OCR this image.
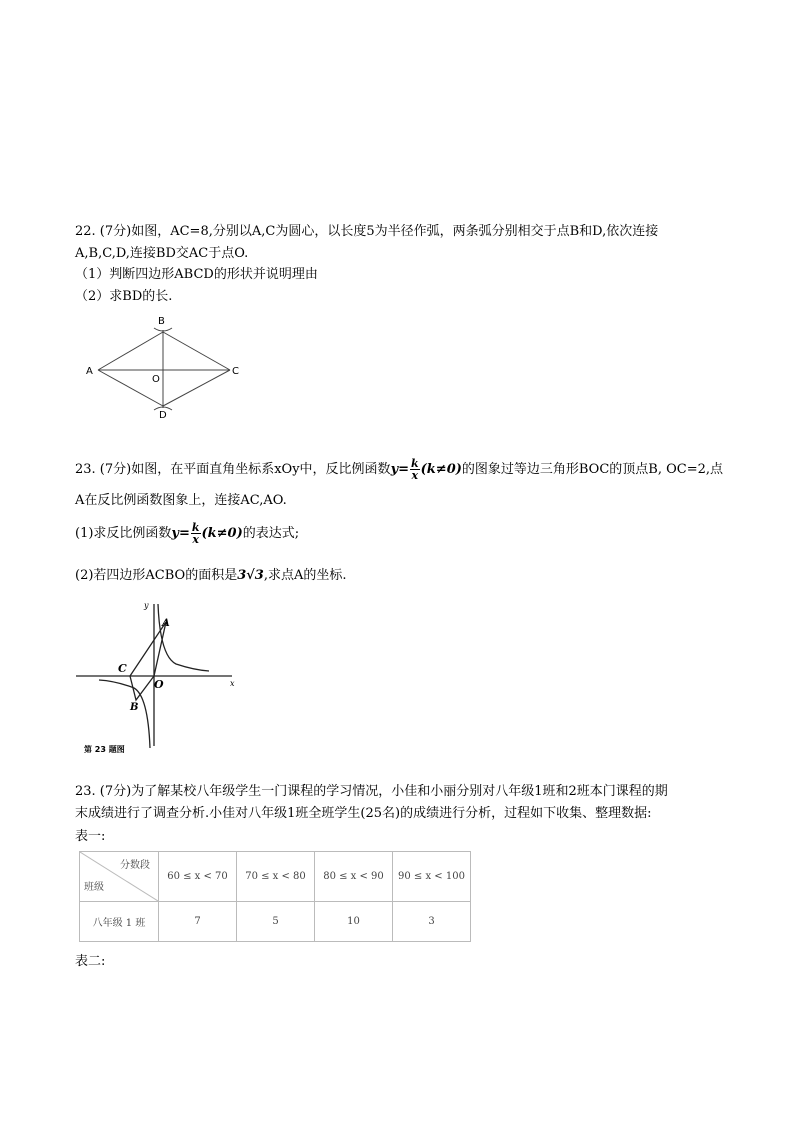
22. (7分)如图，AC=8,分别以A,C为圆心，以长度5为半径作弧，两条弧分别相交于点B和D,依次连接
A,B,C,D,连接BD交AC于点O.
（1）判断四边形ABCD的形状并说明理由
（2）求BD的长.
B
A	C
O
D
23. (7分)如图，在平面直角坐标系xOy中，反比例函数$y= \frac{k}{x} (k\ne 0)$的图象过等边三角形BOC的顶点B, OC=2,点
A在反比例函数图象上，连接AC,AO.
(1)求反比例函数$y= \frac{k}{x} (k\ne 0)$的表达式;
(2)若四边形ACBO的面积是3√3,求点A的坐标.
y
x
A
C
O
B
第 23 题图
23. (7分)为了解某校八年级学生一门课程的学习情况，小佳和小丽分别对八年级1班和2班本门课程的期
末成绩进行了调查分析.小佳对八年级1班全班学生(25名)的成绩进行分析，过程如下收集、整理数据:
表一:
分数段
班级	60 ≤ x < 70	70 ≤ x < 80	80 ≤ x < 90	90 ≤ x < 100
八年级 1 班	7	5	10	3
表二:
